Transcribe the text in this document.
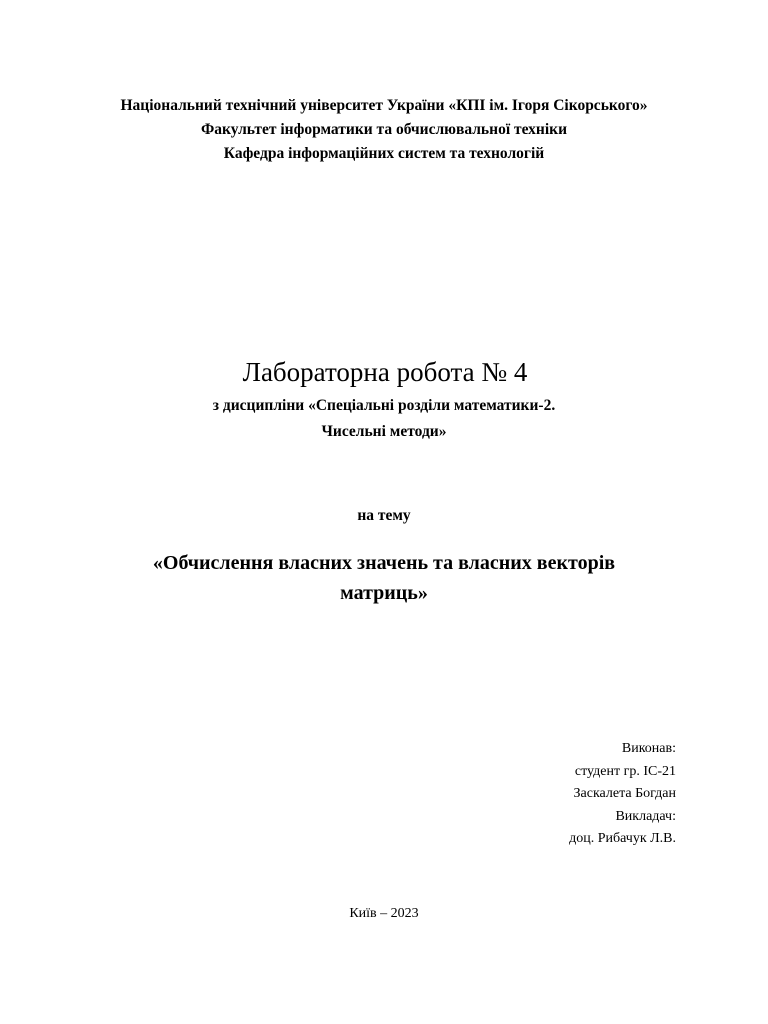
Національний технічний університет України «КПІ ім. Ігоря Сікорського»
Факультет інформатики та обчислювальної техніки
Кафедра інформаційних систем та технологій
Лабораторна робота № 4
з дисципліни «Спеціальні розділи математики-2.
Чисельні методи»
на тему
«Обчислення власних значень та власних векторів
матриць»
Виконав:
студент гр. ІС-21
Заскалета Богдан
Викладач:
доц. Рибачук Л.В.
Київ – 2023
